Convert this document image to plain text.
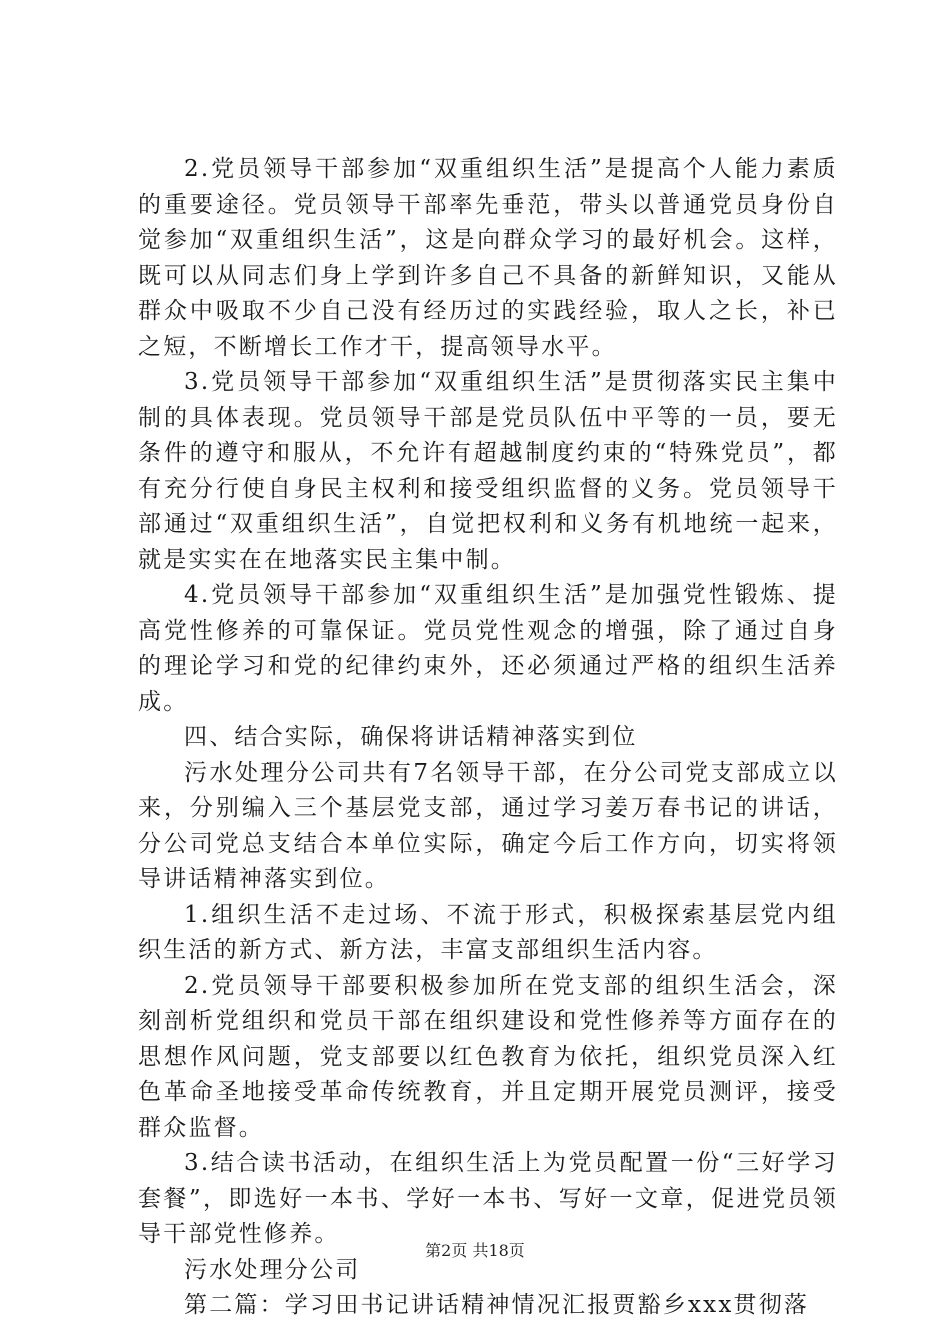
2.党员领导干部参加“双重组织生活”是提高个人能力素质的重要途径。党员领导干部率先垂范，带头以普通党员身份自觉参加“双重组织生活”，这是向群众学习的最好机会。这样，既可以从同志们身上学到许多自己不具备的新鲜知识，又能从群众中吸取不少自己没有经历过的实践经验，取人之长，补已之短，不断增长工作才干，提高领导水平。

3.党员领导干部参加“双重组织生活”是贯彻落实民主集中制的具体表现。党员领导干部是党员队伍中平等的一员，要无条件的遵守和服从，不允许有超越制度约束的“特殊党员”，都有充分行使自身民主权利和接受组织监督的义务。党员领导干部通过“双重组织生活”，自觉把权利和义务有机地统一起来，就是实实在在地落实民主集中制。

4.党员领导干部参加“双重组织生活”是加强党性锻炼、提高党性修养的可靠保证。党员党性观念的增强，除了通过自身的理论学习和党的纪律约束外，还必须通过严格的组织生活养成。

四、结合实际，确保将讲话精神落实到位

污水处理分公司共有7名领导干部，在分公司党支部成立以来，分别编入三个基层党支部，通过学习姜万春书记的讲话，分公司党总支结合本单位实际，确定今后工作方向，切实将领导讲话精神落实到位。

1.组织生活不走过场、不流于形式，积极探索基层党内组织生活的新方式、新方法，丰富支部组织生活内容。

2.党员领导干部要积极参加所在党支部的组织生活会，深刻剖析党组织和党员干部在组织建设和党性修养等方面存在的思想作风问题，党支部要以红色教育为依托，组织党员深入红色革命圣地接受革命传统教育，并且定期开展党员测评，接受群众监督。

3.结合读书活动，在组织生活上为党员配置一份“三好学习套餐”，即选好一本书、学好一本书、写好一文章，促进党员领导干部党性修养。

污水处理分公司

第二篇：学习田书记讲话精神情况汇报贾豁乡xxx贯彻落

第2页 共18页
